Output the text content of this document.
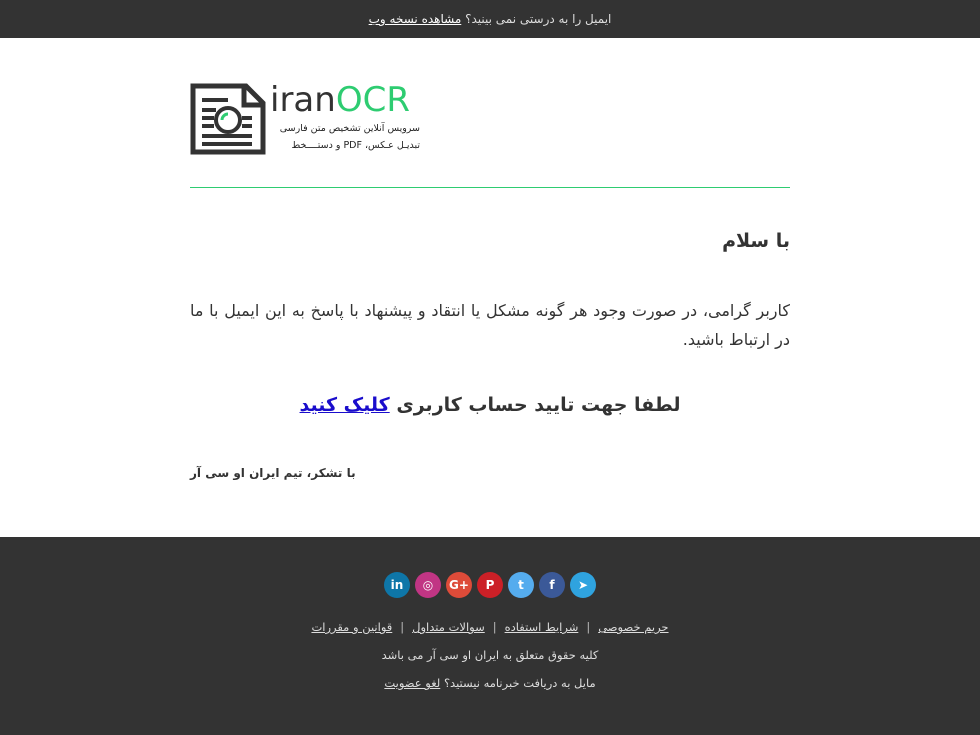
ایمیل را به درستی نمی بینید؟ مشاهده نسخه وب
iranOCR
سرویس آنلاین تشخیص متن فارسی
تبدیـل عـکس، PDF و دستــــخط
با سلام
کاربر گرامی، در صورت وجود هر گونه مشکل یا انتقاد و پیشنهاد با پاسخ به این ایمیل با ما در ارتباط باشید.
لطفا جهت تایید حساب کاربری کلیک کنید
با تشکر، تیم ایران او سی آر
in ◎ G+ P t f ➤
حریم خصوصی|شرایط استفاده|سوالات متداول|قوانین و مقررات
کلیه حقوق متعلق به ایران او سی آر می باشد
مایل به دریافت خبرنامه نیستید؟ لغو عضویت
